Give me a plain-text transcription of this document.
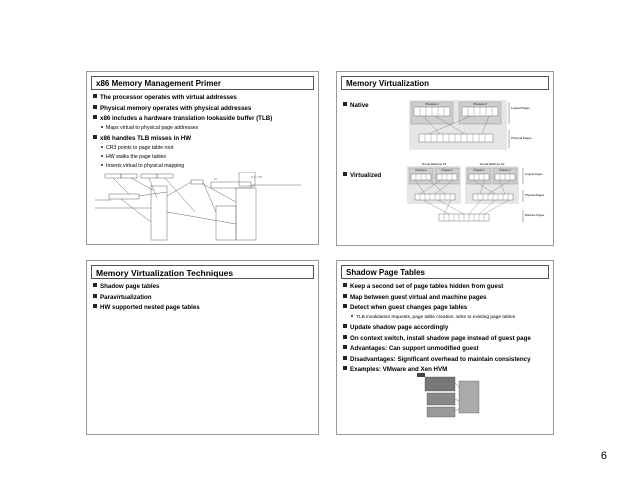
x86 Memory Management Primer
The processor operates with virtual addresses
Physical memory operates with physical addresses
x86 includes a hardware translation lookaside buffer (TLB)
Maps virtual to physical page addresses
x86 handles TLB misses in HW
CR3 points to page table root
HW walks the page tables
Inserts virtual to physical mapping
TLB / TLB
Dir
Memory Virtualization
Native
Virtualized
Process 1	Process 2
Logical Pages
Physical Pages
Virtual Machine #1	Virtual Machine #2
Process 1	Process 2	Process 1	Process 2
Logical Pages
Physical Pages
Machine Pages
Memory Virtualization Techniques
Shadow page tables
Paravirtualization
HW supported nested page tables
Shadow Page Tables
Keep a second set of page tables hidden from guest
Map between guest virtual and machine pages
Detect when guest changes page tables
TLB invalidation requests, page table creation, write to existing page tables
Update shadow page accordingly
On context switch, install shadow page instead of guest page
Advantages: Can support unmodified guest
Disadvantages: Significant overhead to maintain consistency
Examples: VMware and Xen HVM
6
